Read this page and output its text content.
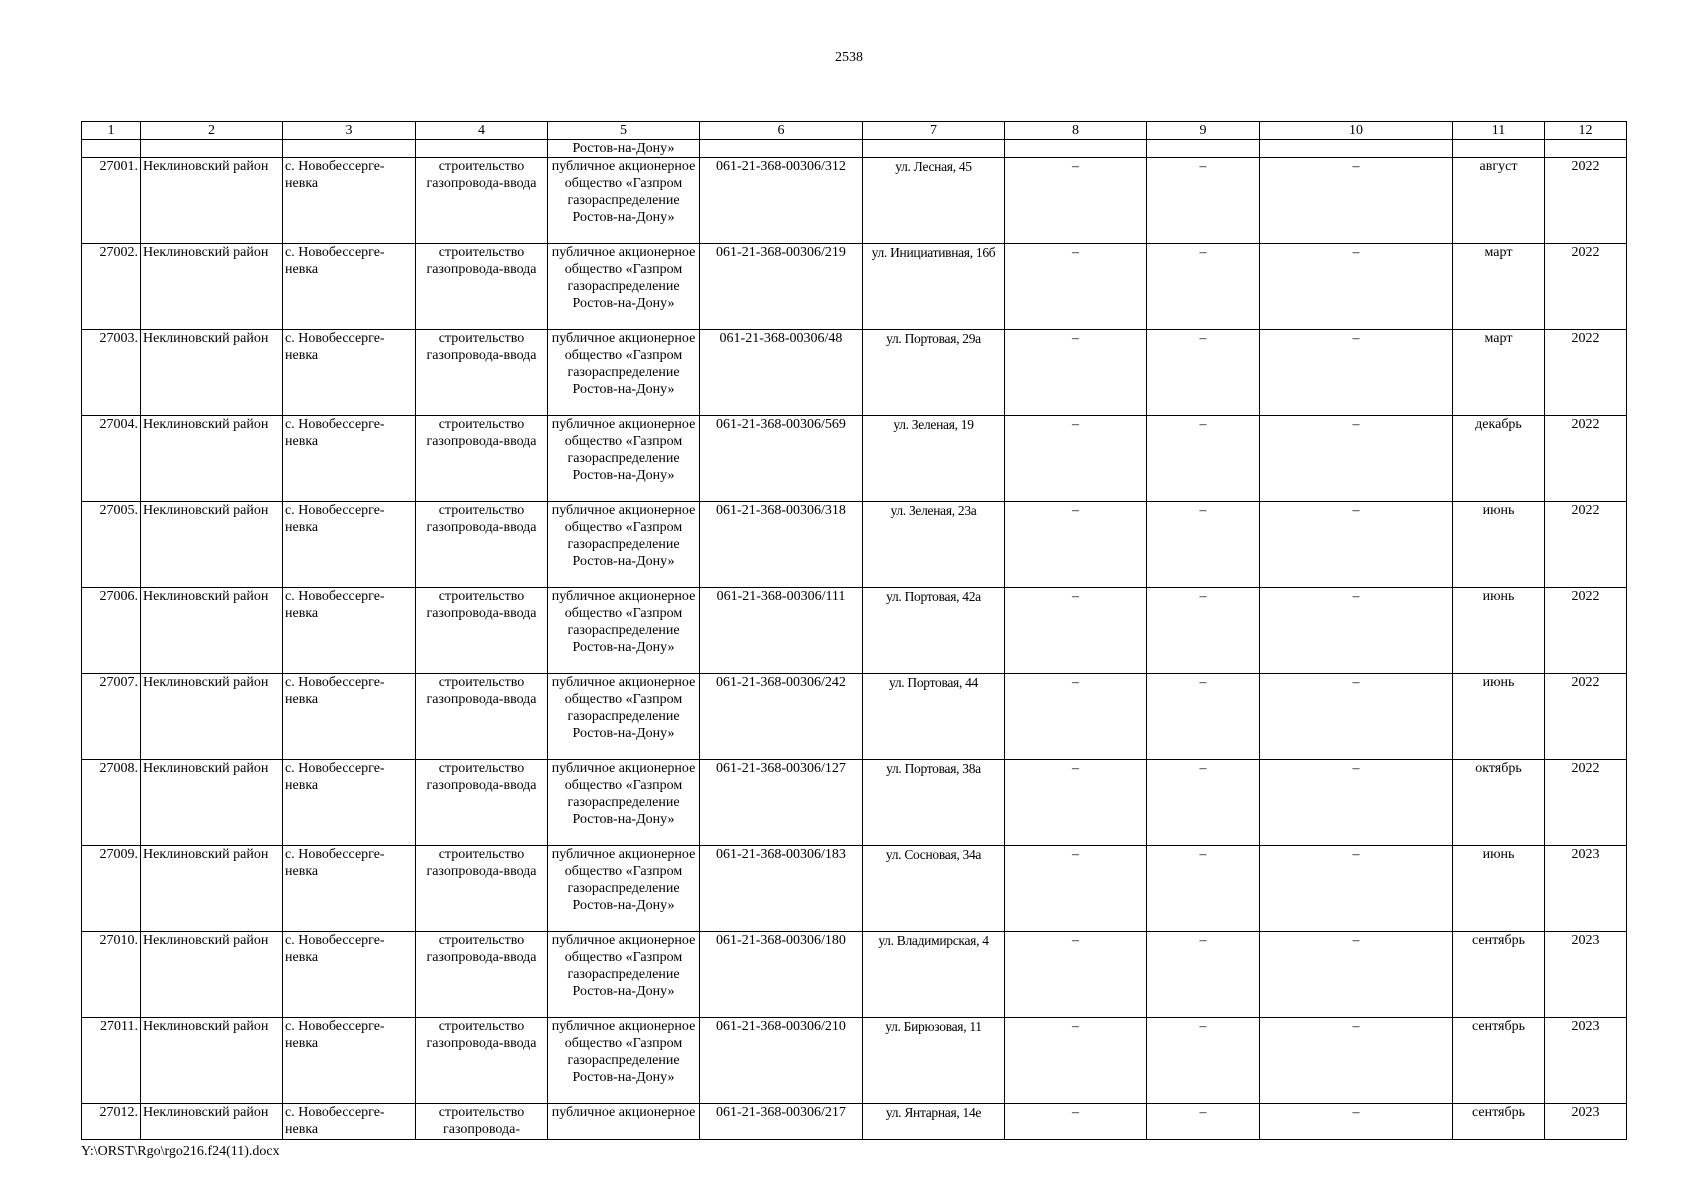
2538
1	2	3	4	5	6	7	8	9	10	11	12
				Ростов-на-Дону»							
27001.	Неклиновский район	с. Новобессерге-невка	строительство газопровода-ввода	публичное акционерное общество «Газпром газораспределение Ростов-на-Дону»	061-21-368-00306/312	ул. Лесная, 45	–	–	–	август	2022
27002.	Неклиновский район	с. Новобессерге-невка	строительство газопровода-ввода	публичное акционерное общество «Газпром газораспределение Ростов-на-Дону»	061-21-368-00306/219	ул. Инициативная, 16б	–	–	–	март	2022
27003.	Неклиновский район	с. Новобессерге-невка	строительство газопровода-ввода	публичное акционерное общество «Газпром газораспределение Ростов-на-Дону»	061-21-368-00306/48	ул. Портовая, 29а	–	–	–	март	2022
27004.	Неклиновский район	с. Новобессерге-невка	строительство газопровода-ввода	публичное акционерное общество «Газпром газораспределение Ростов-на-Дону»	061-21-368-00306/569	ул. Зеленая, 19	–	–	–	декабрь	2022
27005.	Неклиновский район	с. Новобессерге-невка	строительство газопровода-ввода	публичное акционерное общество «Газпром газораспределение Ростов-на-Дону»	061-21-368-00306/318	ул. Зеленая, 23а	–	–	–	июнь	2022
27006.	Неклиновский район	с. Новобессерге-невка	строительство газопровода-ввода	публичное акционерное общество «Газпром газораспределение Ростов-на-Дону»	061-21-368-00306/111	ул. Портовая, 42а	–	–	–	июнь	2022
27007.	Неклиновский район	с. Новобессерге-невка	строительство газопровода-ввода	публичное акционерное общество «Газпром газораспределение Ростов-на-Дону»	061-21-368-00306/242	ул. Портовая, 44	–	–	–	июнь	2022
27008.	Неклиновский район	с. Новобессерге-невка	строительство газопровода-ввода	публичное акционерное общество «Газпром газораспределение Ростов-на-Дону»	061-21-368-00306/127	ул. Портовая, 38а	–	–	–	октябрь	2022
27009.	Неклиновский район	с. Новобессерге-невка	строительство газопровода-ввода	публичное акционерное общество «Газпром газораспределение Ростов-на-Дону»	061-21-368-00306/183	ул. Сосновая, 34а	–	–	–	июнь	2023
27010.	Неклиновский район	с. Новобессерге-невка	строительство газопровода-ввода	публичное акционерное общество «Газпром газораспределение Ростов-на-Дону»	061-21-368-00306/180	ул. Владимирская, 4	–	–	–	сентябрь	2023
27011.	Неклиновский район	с. Новобессерге-невка	строительство газопровода-ввода	публичное акционерное общество «Газпром газораспределение Ростов-на-Дону»	061-21-368-00306/210	ул. Бирюзовая, 11	–	–	–	сентябрь	2023
27012.	Неклиновский район	с. Новобессерге-невка	строительство газопровода-	публичное акционерное	061-21-368-00306/217	ул. Янтарная, 14е	–	–	–	сентябрь	2023
Y:\ORST\Rgo\rgo216.f24(11).docx
